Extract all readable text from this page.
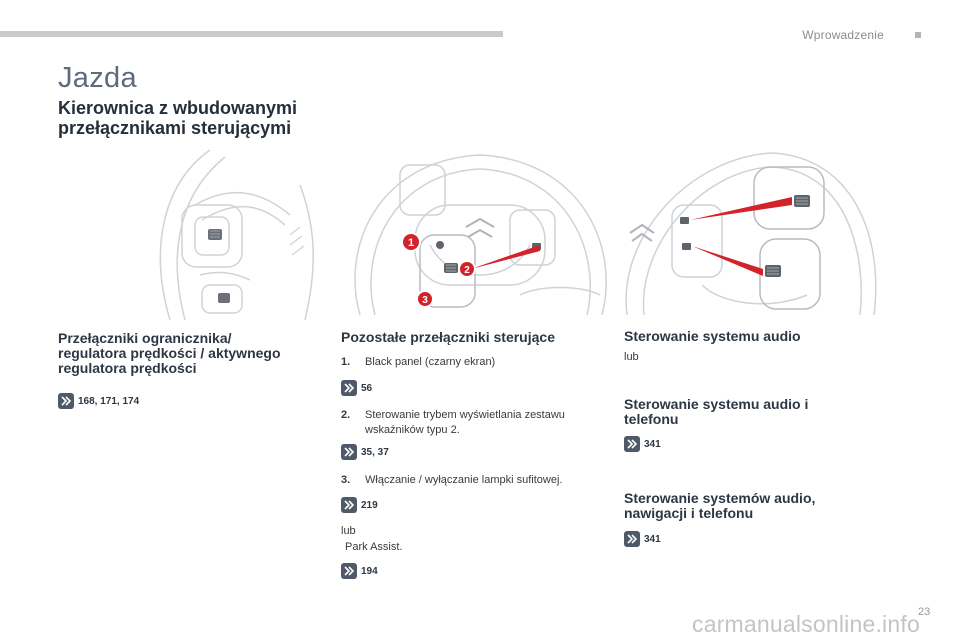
Wprowadzenie
Jazda
Kierownica z wbudowanymi
przełącznikami sterującymi
1
2
3
Przełączniki ogranicznika/
regulatora prędkości / aktywnego
regulatora prędkości
168, 171, 174
Pozostałe przełączniki sterujące
1.	Black panel (czarny ekran)
56
2.	Sterowanie trybem wyświetlania zestawu wskaźników typu 2.
35, 37
3.	Włączanie / wyłączanie lampki sufitowej.
219
lub
Park Assist.
194
Sterowanie systemu audio
lub
Sterowanie systemu audio i
telefonu
341
Sterowanie systemów audio,
nawigacji i telefonu
341
23
carmanualsonline.info
